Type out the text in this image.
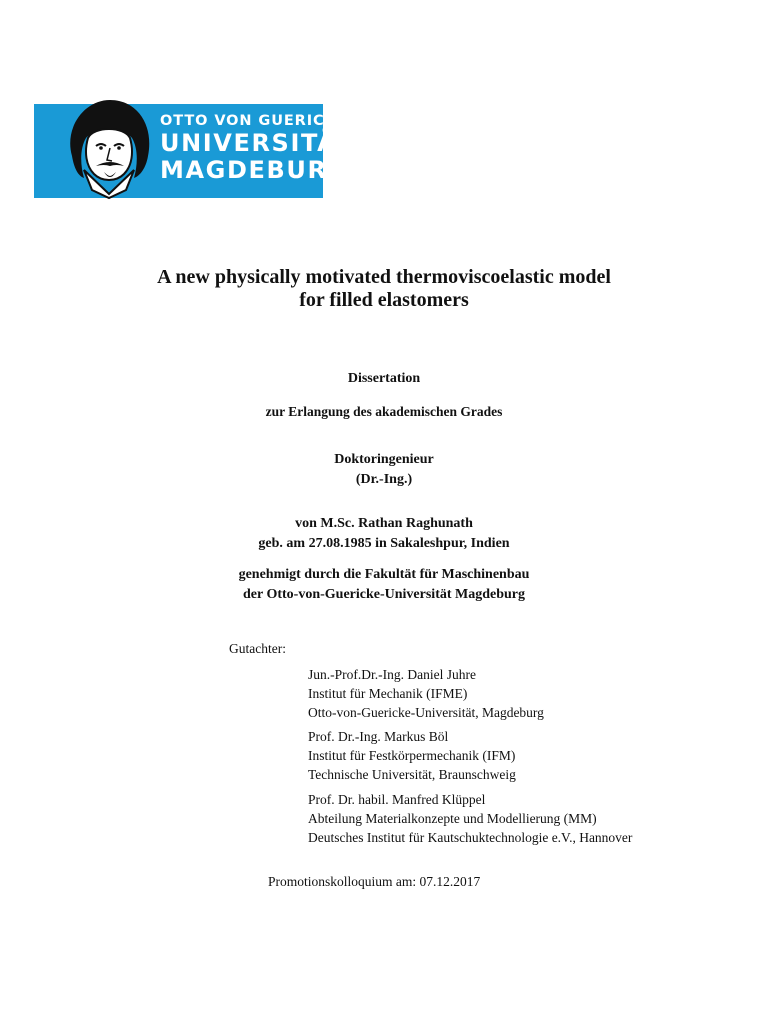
OTTO VON GUERICKE
UNIVERSITÄT
MAGDEBURG
A new physically motivated thermoviscoelastic model
for filled elastomers
Dissertation
zur Erlangung des akademischen Grades
Doktoringenieur
(Dr.-Ing.)
von M.Sc. Rathan Raghunath
geb. am 27.08.1985 in Sakaleshpur, Indien
genehmigt durch die Fakultät für Maschinenbau
der Otto-von-Guericke-Universität Magdeburg
Gutachter:
Jun.-Prof.Dr.-Ing. Daniel Juhre
Institut für Mechanik (IFME)
Otto-von-Guericke-Universität, Magdeburg
Prof. Dr.-Ing. Markus Böl
Institut für Festkörpermechanik (IFM)
Technische Universität, Braunschweig
Prof. Dr. habil. Manfred Klüppel
Abteilung Materialkonzepte und Modellierung (MM)
Deutsches Institut für Kautschuktechnologie e.V., Hannover
Promotionskolloquium am: 07.12.2017
